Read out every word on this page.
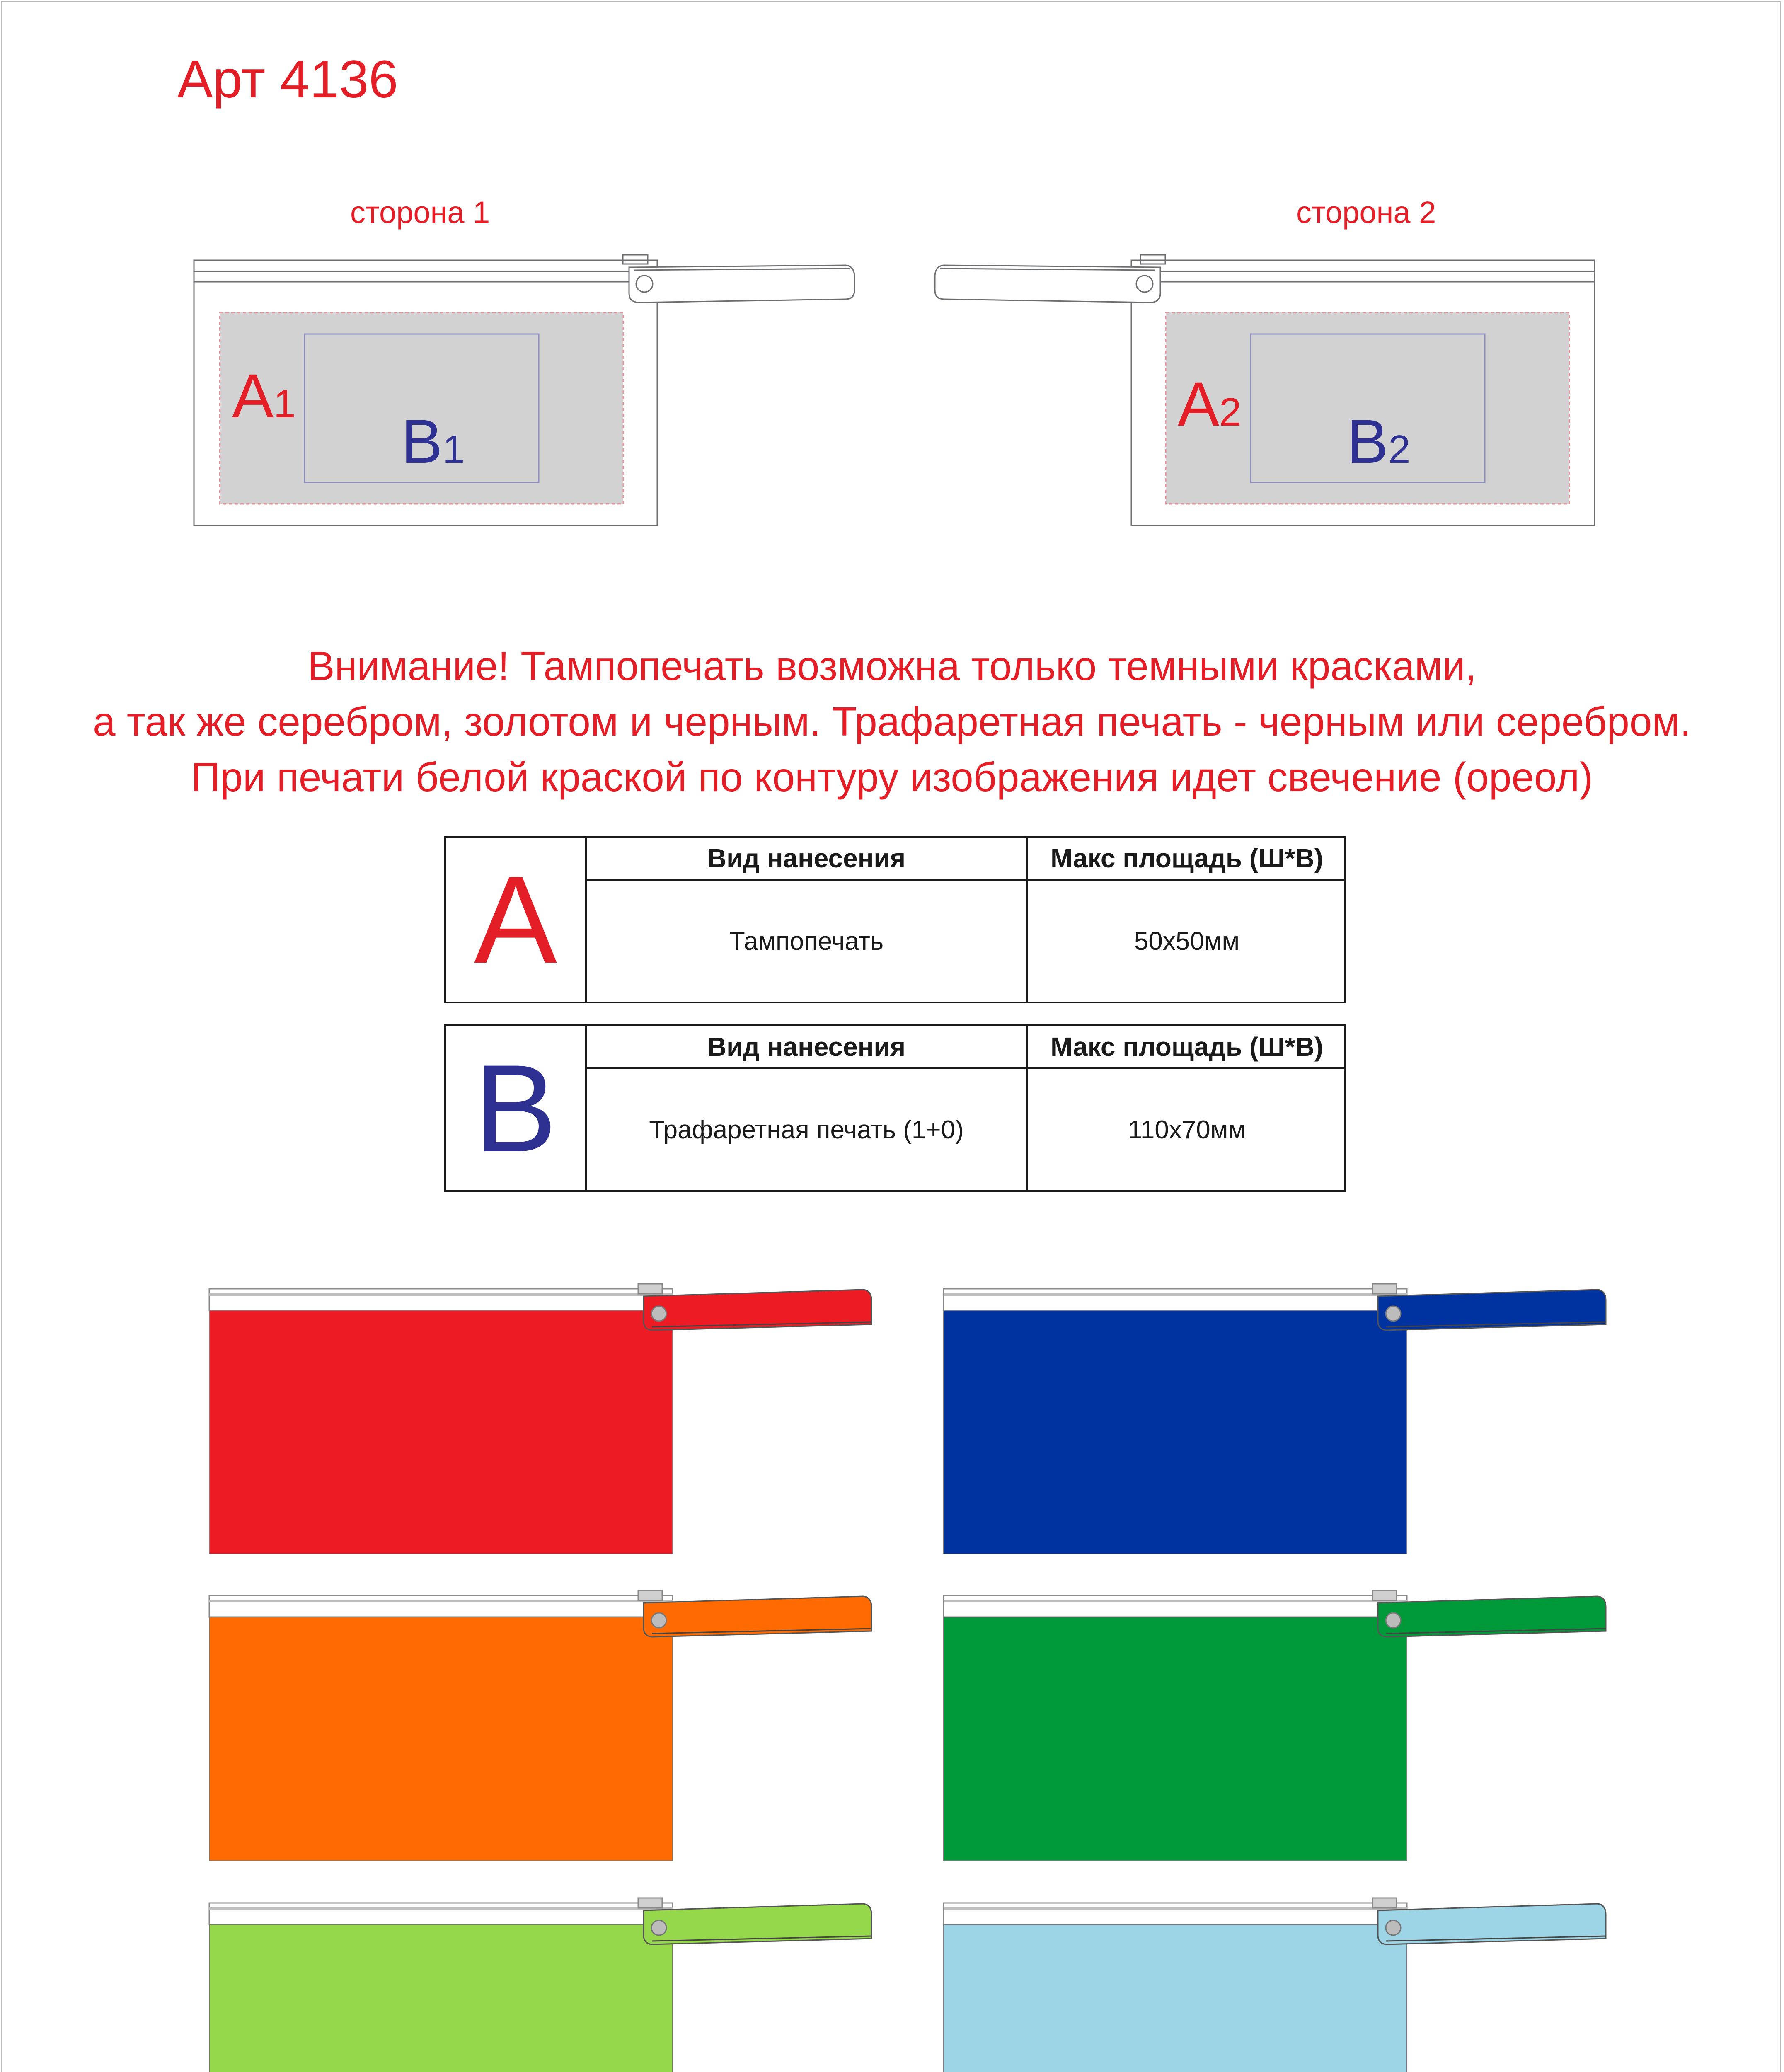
Арт 4136
сторона 1	сторона 2
A1
B1
A2 B2
Внимание! Тампопечать возможна только темными красками,
а так же серебром, золотом и черным. Трафаретная печать - черным или серебром.
При печати белой краской по контуру изображения идет свечение (ореол)
A	Вид нанесения	Макс площадь (Ш*В)
Тампопечать	50x50мм
B	Вид нанесения	Макс площадь (Ш*В)
Трафаретная печать (1+0)	110x70мм
